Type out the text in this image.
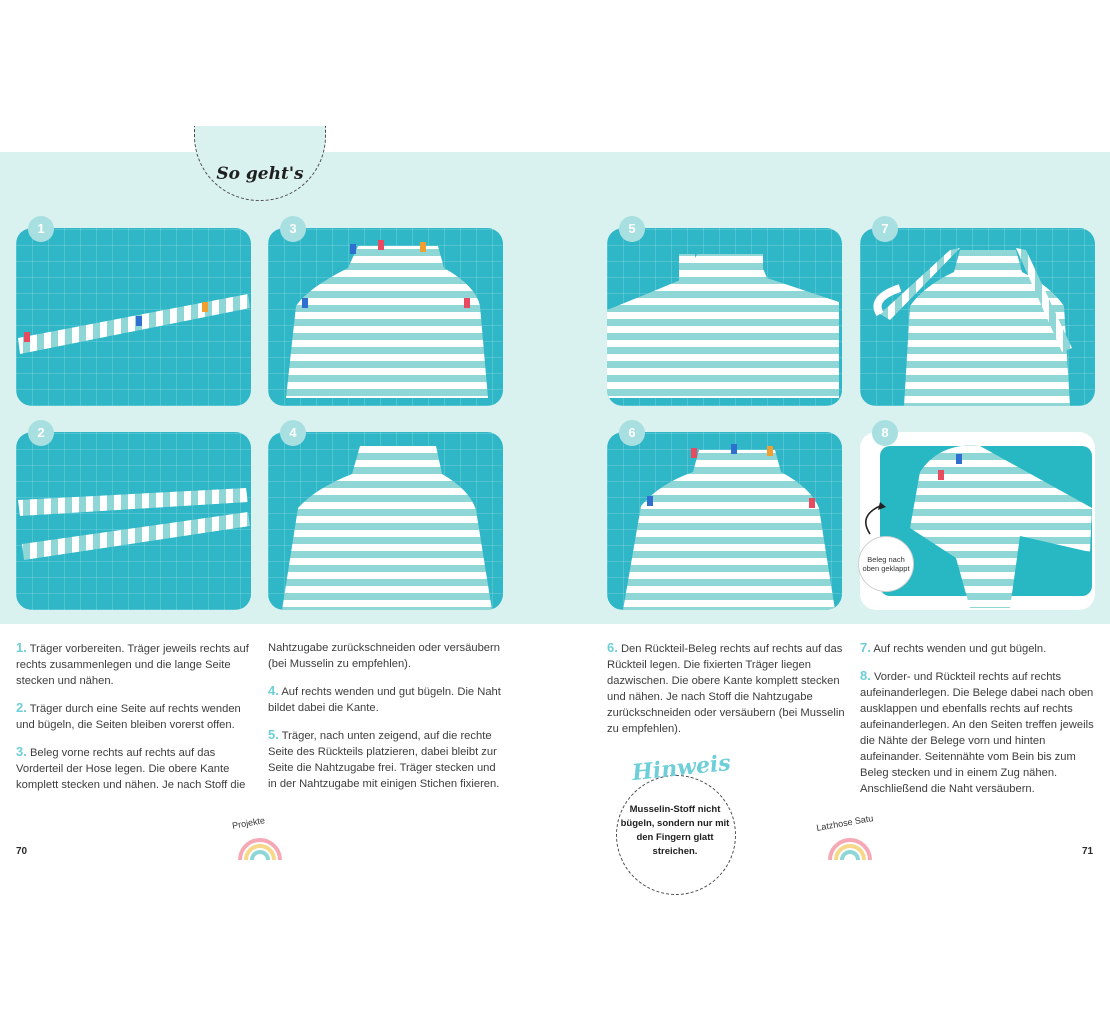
So geht's
1
2
3
4
5
6
7
8
Beleg nach oben geklappt

1. Träger vorbereiten. Träger jeweils rechts auf rechts zusammenlegen und die lange Seite stecken und nähen.

2. Träger durch eine Seite auf rechts wenden und bügeln, die Seiten bleiben vorerst offen.

3. Beleg vorne rechts auf rechts auf das Vorderteil der Hose legen. Die obere Kante komplett stecken und nähen. Je nach Stoff die

Nahtzugabe zurückschneiden oder versäubern (bei Musselin zu empfehlen).

4. Auf rechts wenden und gut bügeln. Die Naht bildet dabei die Kante.

5. Träger, nach unten zeigend, auf die rechte Seite des Rückteils platzieren, dabei bleibt zur Seite die Nahtzugabe frei. Träger stecken und in der Nahtzugabe mit einigen Stichen fixieren.

6. Den Rückteil-Beleg rechts auf rechts auf das Rückteil legen. Die fixierten Träger liegen dazwischen. Die obere Kante komplett stecken und nähen. Je nach Stoff die Nahtzugabe zurückschneiden oder versäubern (bei Musselin zu empfehlen).

7. Auf rechts wenden und gut bügeln.

8. Vorder- und Rückteil rechts auf rechts aufeinanderlegen. Die Belege dabei nach oben ausklappen und ebenfalls rechts auf rechts aufeinanderlegen. An den Seiten treffen jeweils die Nähte der Belege vorn und hinten aufeinander. Seitennähte vom Bein bis zum Beleg stecken und in einem Zug nähen. Anschließend die Naht versäubern.

Hinweis
Musselin-Stoff nicht bügeln, sondern nur mit den Fingern glatt streichen.
70	71
Projekte	Latzhose Satu
